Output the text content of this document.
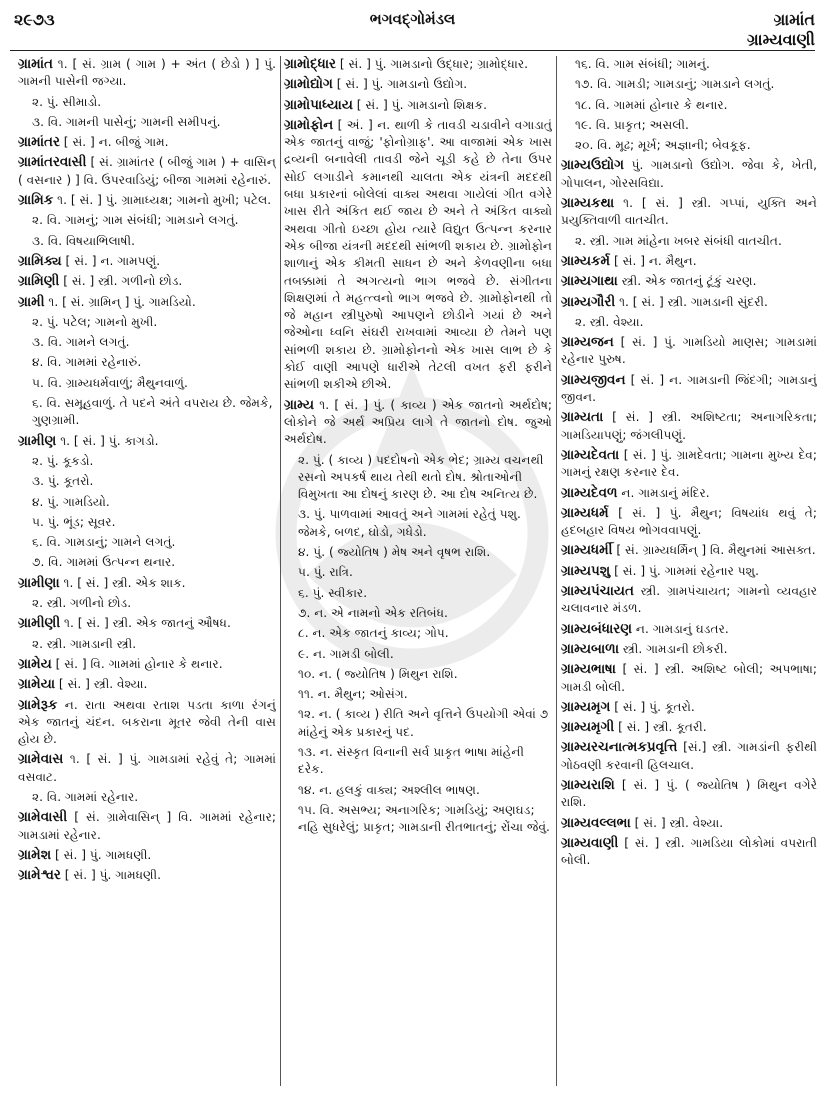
૨૯૭૩	ભગવદ્ગોમંડલ	ગ્રામાંત
ગ્રામ્યવાણી

ગ્રામાંત ૧. [ સં. ગ્રામ ( ગામ ) + અંત ( છેડો ) ] પું. ગામની પાસેની જગ્યા.

૨. પું. સીમાડો.

૩. વિ. ગામની પાસેનું; ગામની સમીપનું.

ગ્રામાંતર [ સં. ] ન. બીજું ગામ.

ગ્રામાંતરવાસી [ સં. ગ્રામાંતર ( બીજું ગામ ) + વાસિન્ ( વસનાર ) ] વિ. ઉપરવાડિયું; બીજા ગામમાં રહેનારું.

ગ્રામિક ૧. [ સં. ] પું. ગ્રામાધ્યક્ષ; ગામનો મુખી; પટેલ.

૨. વિ. ગામનું; ગામ સંબંધી; ગામડાને લગતું.

૩. વિ. વિષયાભિલાષી.

ગ્રામિક્ય [ સં. ] ન. ગામપણું.

ગ્રામિણી [ સં. ] સ્ત્રી. ગળીનો છોડ.

ગ્રામી ૧. [ સં. ગ્રામિન્ ] પું. ગામડિયો.

૨. પું. પટેલ; ગામનો મુખી.

૩. વિ. ગામને લગતું.

૪. વિ. ગામમાં રહેનારું.

૫. વિ. ગ્રામ્યધર્મવાળું; મૈથુનવાળું.

૬. વિ. સમૂહવાળું. તે પદને અંતે વપરાય છે. જેમકે, ગુણગ્રામી.

ગ્રામીણ ૧. [ સં. ] પું. કાગડો.

૨. પું. કૂકડો.

૩. પું. કૂતરો.

૪. પું. ગામડિયો.

૫. પું. ભૂંડ; સૂવર.

૬. વિ. ગામડાનું; ગામને લગતું.

૭. વિ. ગામમાં ઉત્પન્ન થનાર.

ગ્રામીણા ૧. [ સં. ] સ્ત્રી. એક શાક.

૨. સ્ત્રી. ગળીનો છોડ.

ગ્રામીણી ૧. [ સં. ] સ્ત્રી. એક જાતનું ઔષધ.

૨. સ્ત્રી. ગામડાની સ્ત્રી.

ગ્રામેય [ સં. ] વિ. ગામમાં હોનાર કે થનાર.

ગ્રામેયા [ સં. ] સ્ત્રી. વેશ્યા.

ગ્રામેરૂક ન. રાતા અથવા રતાશ પડતા કાળા રંગનું એક જાતનું ચંદન. બકરાના મૂતર જેવી તેની વાસ હોય છે.

ગ્રામેવાસ ૧. [ સં. ] પું. ગામડામાં રહેવું તે; ગામમાં વસવાટ.

૨. વિ. ગામમાં રહેનાર.

ગ્રામેવાસી [ સં. ગ્રામેવાસિન્ ] વિ. ગામમાં રહેનાર; ગામડામાં રહેનાર.

ગ્રામેશ [ સં. ] પું. ગામધણી.

ગ્રામેશ્વર [ સં. ] પું. ગામધણી.

ગ્રામોદ્ધાર [ સં. ] પું. ગામડાનો ઉદ્ધાર; ગ્રામોદ્ધાર.

ગ્રામોદ્યોગ [ સં. ] પું. ગામડાનો ઉદ્યોગ.

ગ્રામોપાધ્યાય [ સં. ] પું. ગામડાનો શિક્ષક.

ગ્રામોફોન [ અં. ] ન. થાળી કે તાવડી ચડાવીને વગાડાતું એક જાતનું વાજું; 'ફોનોગ્રાફ'. આ વાજામાં એક ખાસ દ્રવ્યની બનાવેલી તાવડી જેને ચૂડી કહે છે તેના ઉપર સોઈ લગાડીને કમાનથી ચાલતા એક યંત્રની મદદથી બધા પ્રકારનાં બોલેલાં વાક્ય અથવા ગાયેલાં ગીત વગેરે ખાસ રીતે અંકિત થઈ જાય છે અને તે અંકિત વાક્યો અથવા ગીતો ઇચ્છા હોય ત્યારે વિદ્યુત ઉત્પન્ન કરનાર એક બીજા યંત્રની મદદથી સાંભળી શકાય છે. ગ્રામોફોન શાળાનું એક કીમતી સાધન છે અને કેળવણીના બધા તબક્કામાં તે અગત્યનો ભાગ ભજવે છે. સંગીતના શિક્ષણમાં તે મહત્ત્વનો ભાગ ભજવે છે. ગ્રામોફોનથી તો જે મહાન સ્ત્રીપુરુષો આપણને છોડીને ગયાં છે અને જેઓના ધ્વનિ સંઘરી રાખવામાં આવ્યા છે તેમને પણ સાંભળી શકાય છે. ગ્રામોફોનનો એક ખાસ લાભ છે કે કોઈ વાણી આપણે ધારીએ તેટલી વખત ફરી ફરીને સાંભળી શકીએ છીએ.

ગ્રામ્ય ૧. [ સં. ] પું. ( કાવ્ય ) એક જાતનો અર્થદોષ; લોકોને જે અર્થ અપ્રિય લાગે તે જાતનો દોષ. જુઓ અર્થદોષ.

૨. પું. ( કાવ્ય ) પદદોષનો એક ભેદ; ગ્રામ્ય વચનથી રસનો અપકર્ષ થાય તેથી થતો દોષ. શ્રોતાઓની વિમુખતા આ દોષનું કારણ છે. આ દોષ અનિત્ય છે.

૩. પું. પાળવામાં આવતું અને ગામમાં રહેતું પશુ. જેમકે, બળદ, ઘોડો, ગધેડો.

૪. પું. ( જ્યોતિષ ) મેષ અને વૃષભ રાશિ.

૫. પું. રાત્રિ.

૬. પું. સ્વીકાર.

૭. ન. એ નામનો એક રતિબંધ.

૮. ન. એક જાતનું કાવ્ય; ગોપ.

૯. ન. ગામડી બોલી.

૧૦. ન. ( જ્યોતિષ ) મિથુન રાશિ.

૧૧. ન. મૈથુન; ઓસંગ.

૧૨. ન. ( કાવ્ય ) રીતિ અને વૃત્તિને ઉપયોગી એવાં ૭ માંહેનું એક પ્રકારનું પદ.

૧૩. ન. સંસ્કૃત વિનાની સર્વ પ્રાકૃત ભાષા માંહેની દરેક.

૧૪. ન. હલકું વાક્ય; અશ્લીલ ભાષણ.

૧૫. વિ. અસભ્ય; અનાગરિક; ગામડિયું; અણઘડ; નહિ સુધરેલું; પ્રાકૃત; ગામડાની રીતભાતનું; રોંચા જેવું.

૧૬. વિ. ગામ સંબંધી; ગામનું.

૧૭. વિ. ગામડી; ગામડાનું; ગામડાને લગતું.

૧૮. વિ. ગામમાં હોનાર કે થનાર.

૧૯. વિ. પ્રાકૃત; અસલી.

૨૦. વિ. મૂઢ; મૂર્ખ; અજ્ઞાની; બેવકૂફ.

ગ્રામ્યઉદ્યોગ પું. ગામડાનો ઉદ્યોગ. જેવા કે, ખેતી, ગોપાલન, ગોરસવિદ્યા.

ગ્રામ્યકથા ૧. [ સં. ] સ્ત્રી. ગપ્પાં, યુક્તિ અને પ્રયુક્તિવાળી વાતચીત.

૨. સ્ત્રી. ગામ માંહેના ખબર સંબંધી વાતચીત.

ગ્રામ્યકર્મ [ સં. ] ન. મૈથુન.

ગ્રામ્યગાથા સ્ત્રી. એક જાતનું ટૂંકું ચરણ.

ગ્રામ્યગૌરી ૧. [ સં. ] સ્ત્રી. ગામડાની સુંદરી.

૨. સ્ત્રી. વેશ્યા.

ગ્રામ્યજન [ સં. ] પું. ગામડિયો માણસ; ગામડામાં રહેનાર પુરુષ.

ગ્રામ્યજીવન [ સં. ] ન. ગામડાની જિંદગી; ગામડાનું જીવન.

ગ્રામ્યતા [ સં. ] સ્ત્રી. અશિષ્ટતા; અનાગરિકતા; ગામડિયાપણું; જંગલીપણું.

ગ્રામ્યદેવતા [ સં. ] પું. ગ્રામદેવતા; ગામના મુખ્ય દેવ; ગામનું રક્ષણ કરનાર દેવ.

ગ્રામ્યદેવળ ન. ગામડાનું મંદિર.

ગ્રામ્યધર્મ [ સં. ] પું. મૈથુન; વિષયાંધ થવું તે; હદબહાર વિષય ભોગવવાપણું.

ગ્રામ્યધર્મી [ સં. ગ્રામ્યધર્મિન્ ] વિ. મૈથુનમાં આસક્ત.

ગ્રામ્યપશુ [ સં. ] પું. ગામમાં રહેનાર પશુ.

ગ્રામ્યપંચાયત સ્ત્રી. ગ્રામપંચાયત; ગામનો વ્યવહાર ચલાવનાર મંડળ.

ગ્રામ્યબંધારણ ન. ગામડાનું ઘડતર.

ગ્રામ્યબાળા સ્ત્રી. ગામડાની છોકરી.

ગ્રામ્યભાષા [ સં. ] સ્ત્રી. અશિષ્ટ બોલી; અપભાષા; ગામડી બોલી.

ગ્રામ્યમૃગ [ સં. ] પું. કૂતરો.

ગ્રામ્યમૃગી [ સં. ] સ્ત્રી. કૂતરી.

ગ્રામ્યરચનાત્મકપ્રવૃત્તિ [સં.] સ્ત્રી. ગામડાંની ફરીથી ગોઠવણી કરવાની હિલચાલ.

ગ્રામ્યરાશિ [ સં. ] પું. ( જ્યોતિષ ) મિથુન વગેરે રાશિ.

ગ્રામ્યવલ્લભા [ સં. ] સ્ત્રી. વેશ્યા.

ગ્રામ્યવાણી [ સં. ] સ્ત્રી. ગામડિયા લોકોમાં વપરાતી બોલી.
